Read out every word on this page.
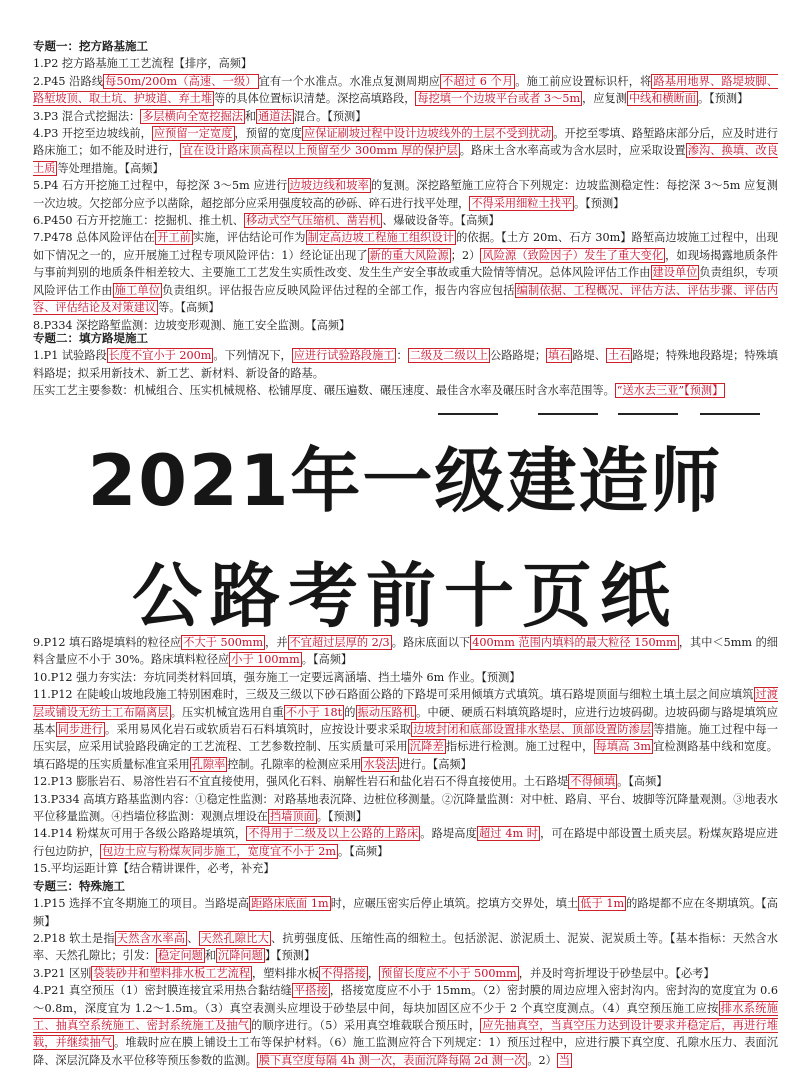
专题一：挖方路基施工
1.P2 挖方路基施工工艺流程【排序，高频】
2.P45 沿路线 每50m/200m（高速、一级） 宜有一个水准点。水准点复测周期应 不超过 6 个月 。施工前应设置标识杆，将 路基用地界、路堤坡脚、路堑坡顶、取土坑、护坡道、弃土堆 等的具体位置标识清楚。深挖高填路段， 每挖填一个边坡平台或者 3～5m ，应复测 中线和横断面 。【预测】
3.P3 混合式挖掘法： 多层横向全宽挖掘法 和 通道法 混合。【预测】
4.P3 开挖至边坡线前， 应预留一定宽度 ，预留的宽度 应保证刷坡过程中设计边坡线外的土层不受到扰动 。开挖至零填、路堑路床部分后，应及时进行路床施工；如不能及时进行， 宜在设计路床顶高程以上预留至少 300mm 厚的保护层 。路床土含水率高或为含水层时，应采取设置 渗沟、换填、改良土质 等处理措施。【高频】
5.P4 石方开挖施工过程中，每挖深 3～5m 应进行 边坡边线和坡率 的复测。深挖路堑施工应符合下列规定：边坡监测稳定性：每挖深 3～5m 应复测一次边坡。欠挖部分应予以凿除，超挖部分应采用强度较高的砂砾、碎石进行找平处理， 不得采用细粒土找平 。【预测】
6.P450 石方开挖施工：挖掘机、推土机、 移动式空气压缩机、凿岩机 、爆破设备等。【高频】
7.P478 总体风险评估在 开工前 实施，评估结论可作为 制定高边坡工程施工组织设计 的依据。【土方 20m、石方 30m】路堑高边坡施工过程中，出现如下情况之一的，应开展施工过程专项风险评估：1）经论证出现了 新的重大风险源 ；2） 风险源（致险因子）发生了重大变化 ，如现场揭露地质条件与事前判别的地质条件相差较大、主要施工工艺发生实质性改变、发生生产安全事故或重大险情等情况。总体风险评估工作由 建设单位 负责组织，专项风险评估工作由 施工单位 负责组织。评估报告应反映风险评估过程的全部工作，报告内容应包括 编制依据、工程概况、评估方法、评估步骤、评估内容、评估结论及对策建议 等。【高频】
8.P334 深挖路堑监测：边坡变形观测、施工安全监测。【高频】
专题二：填方路堤施工
1.P1 试验路段 长度不宜小于 200m 。下列情况下， 应进行试验路段施工 ： 二级及二级以上 公路路堤； 填石 路堤、 土石 路堤；特殊地段路堤；特殊填料路堤；拟采用新技术、新工艺、新材料、新设备的路基。
压实工艺主要参数：机械组合、压实机械规格、松铺厚度、碾压遍数、碾压速度、最佳含水率及碾压时含水率范围等。 “送水去三亚”【预测】
2021年一级建造师
公路考前十页纸
9.P12 填石路堤填料的粒径应 不大于 500mm ，并 不宜超过层厚的 2/3 。路床底面以下 400mm 范围内填料的最大粒径 150mm ，其中＜5mm 的细料含量应不小于 30%。路床填料粒径应 小于 100mm 。【高频】
10.P12 强力夯实法：夯坑同类材料回填，强夯施工一定要远离涵墙、挡土墙外 6m 作业。【预测】
11.P12 在陡峻山坡地段施工特别困难时，三级及三级以下砂石路面公路的下路堤可采用倾填方式填筑。填石路堤顶面与细粒土填土层之间应填筑 过渡层或铺设无纺土工布隔离层 。压实机械宜选用自重 不小于 18t 的 振动压路机 。中硬、硬质石料填筑路堤时，应进行边坡码砌。边坡码砌与路堤填筑应基本 同步进行 。采用易风化岩石或软质岩石石料填筑时，应按设计要求采取 边坡封闭和底部设置排水垫层、顶部设置防渗层 等措施。施工过程中每一压实层，应采用试验路段确定的工艺流程、工艺参数控制、压实质量可采用 沉降差 指标进行检测。施工过程中， 每填高 3m 宜检测路基中线和宽度。填石路堤的压实质量标准宜采用 孔隙率 控制。孔隙率的检测应采用 水袋法 进行。【高频】
12.P13 膨胀岩石、易溶性岩石不宜直接使用，强风化石料、崩解性岩石和盐化岩石不得直接使用。土石路堤 不得倾填 。【高频】
13.P334 高填方路基监测内容：①稳定性监测：对路基地表沉降、边桩位移测量。②沉降量监测：对中桩、路肩、平台、坡脚等沉降量观测。③地表水平位移量监测。④挡墙位移监测：观测点埋设在 挡墙顶面 。【预测】
14.P14 粉煤灰可用于各级公路路堤填筑， 不得用于二级及以上公路的上路床 。路堤高度 超过 4m 时 ，可在路堤中部设置土质夹层。粉煤灰路堤应进行包边防护， 包边土应与粉煤灰同步施工，宽度宜不小于 2m 。【高频】
15.平均运距计算【结合精讲课件，必考，补充】
专题三：特殊施工
1.P15 选择不宜冬期施工的项目。当路堤高 距路床底面 1m 时，应碾压密实后停止填筑。挖填方交界处，填土 低于 1m 的路堤都不应在冬期填筑。【高频】
2.P18 软土是指 天然含水率高 、 天然孔隙比大 、抗剪强度低、压缩性高的细粒土。包括淤泥、淤泥质土、泥炭、泥炭质土等。【基本指标：天然含水率、天然孔隙比；引发： 稳定问题 和 沉降问题 】【预测】
3.P21 区别 袋装砂井和塑料排水板工艺流程 ，塑料排水板 不得搭接 ， 预留长度应不小于 500mm ，并及时弯折埋设于砂垫层中。【必考】
4.P21 真空预压（1）密封膜连接宜采用热合黏结缝 平搭接 ，搭接宽度应不小于 15mm。（2）密封膜的周边应埋入密封沟内。密封沟的宽度宜为 0.6～0.8m，深度宜为 1.2～1.5m。（3）真空表测头应埋设于砂垫层中间，每块加固区应不少于 2 个真空度测点。（4）真空预压施工应按 排水系统施工、抽真空系统施工、密封系统施工及抽气 的顺序进行。（5）采用真空堆载联合预压时， 应先抽真空，当真空压力达到设计要求并稳定后，再进行堆载，并继续抽气 。堆载时应在膜上铺设土工布等保护材料。（6）施工监测应符合下列规定：1）预压过程中，应进行膜下真空度、孔隙水压力、表面沉降、深层沉降及水平位移等预压参数的监测。 膜下真空度每隔 4h 测一次，表面沉降每隔 2d 测一次 。2） 当
